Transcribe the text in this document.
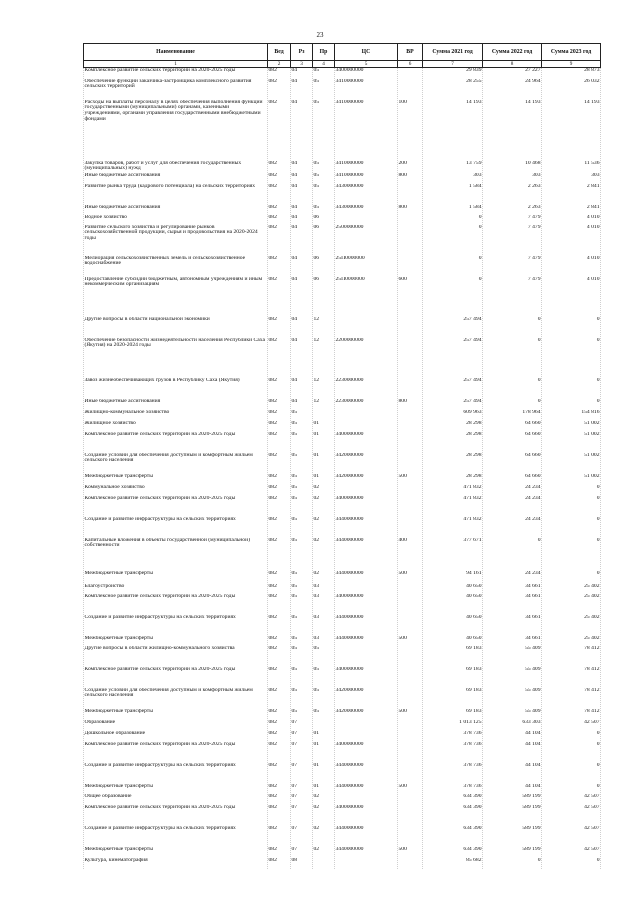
23
Наименование	Вед	Рз	Пр	ЦС	ВР	Сумма 2021 год	Сумма 2022 год	Сумма 2023 год
1	2	3	4	5	6	7	8	9
Комплексное развитие сельских территорий на 2020-2025 годы	082	04	05	3400000000		29 839	27 227	28 873
Обеспечение функций заказчика-застройщика комплексного развития сельских территорий	082	04	05	3410000000		28 255	24 964	26 032
Расходы на выплаты персоналу в целях обеспечения выполнения функций государственными (муниципальными) органами, казенными учреждениями, органами управления государственными внебюджетными фондами	082	04	05	3410000000	100	14 193	14 193	14 193
Закупка товаров, работ и услуг для обеспечения государственных (муниципальных) нужд	082	04	05	3410000000	200	13 759	10 468	11 536
Иные бюджетные ассигнования	082	04	05	3410000000	800	303	303	303
Развитие рынка труда (кадрового потенциала) на сельских территориях	082	04	05	3430000000		1 584	2 263	2 841
Иные бюджетные ассигнования	082	04	05	3430000000	800	1 584	2 263	2 841
Водное хозяйство	082	04	06			0	7 479	4 010
Развитие сельского хозяйства и регулирование рынков сельскохозяйственной продукции, сырья и продовольствия на 2020-2024 годы	082	04	06	2500000000		0	7 479	4 010
Мелиорация сельскохозяйственных земель и сельскохозяйственное водоснабжение	082	04	06	25П0000000		0	7 479	4 010
Предоставление субсидий бюджетным, автономным учреждениям и иным некоммерческим организациям	082	04	06	25П0000000	600	0	7 479	4 010
Другие вопросы в области национальной экономики	082	04	12			257 494	0	0
Обеспечение безопасности жизнедеятельности населения Республики Саха (Якутия) на 2020-2024 годы	082	04	12	2200000000		257 494	0	0
Завоз жизнеобеспечивающих грузов в Республику Саха (Якутия)	082	04	12	2230000000		257 494	0	0
Иные бюджетные ассигнования	082	04	12	2230000000	800	257 494	0	0
Жилищно-коммунальное хозяйство	082	05				609 963	178 964	154 816
Жилищное хозяйство	082	05	01			28 298	64 660	51 002
Комплексное развитие сельских территорий на 2020-2025 годы	082	05	01	3400000000		28 298	64 660	51 002
Создание условий для обеспечения доступным и комфортным жильем сельского населения	082	05	01	3420000000		28 298	64 660	51 002
Межбюджетные трансферты	082	05	01	3420000000	500	28 298	64 660	51 002
Коммунальное хозяйство	082	05	02			471 832	24 234	0
Комплексное развитие сельских территорий на 2020-2025 годы	082	05	02	3400000000		471 832	24 234	0
Создание и развитие инфраструктуры на сельских территориях	082	05	02	3440000000		471 832	24 234	0
Капитальные вложения в объекты государственной (муниципальной) собственности	082	05	02	3440000000	400	377 671	0	0
Межбюджетные трансферты	082	05	02	3440000000	500	94 161	24 234	0
Благоустройство	082	05	03			40 650	34 661	25 402
Комплексное развитие сельских территорий на 2020-2025 годы	082	05	03	3400000000		40 650	34 661	25 402
Создание и развитие инфраструктуры на сельских территориях	082	05	03	3440000000		40 650	34 661	25 402
Межбюджетные трансферты	082	05	03	3440000000	500	40 650	34 661	25 402
Другие вопросы в области жилищно-коммунального хозяйства	082	05	05			69 183	55 409	78 412
Комплексное развитие сельских территорий на 2020-2025 годы	082	05	05	3400000000		69 183	55 409	78 412
Создание условий для обеспечения доступным и комфортным жильем сельского населения	082	05	05	3420000000		69 183	55 409	78 412
Межбюджетные трансферты	082	05	05	3420000000	500	69 183	55 409	78 412
Образование	082	07				1 013 125	633 303	42 507
Дошкольное образование	082	07	01			378 736	44 104	0
Комплексное развитие сельских территорий на 2020-2025 годы	082	07	01	3400000000		378 736	44 104	0
Создание и развитие инфраструктуры на сельских территориях	082	07	01	3440000000		378 736	44 104	0
Межбюджетные трансферты	082	07	01	3440000000	500	378 736	44 104	0
Общее образование	082	07	02			634 390	589 199	42 507
Комплексное развитие сельских территорий на 2020-2025 годы	082	07	02	3400000000		634 390	589 199	42 507
Создание и развитие инфраструктуры на сельских территориях	082	07	02	3440000000		634 390	589 199	42 507
Межбюджетные трансферты	082	07	02	3440000000	500	634 390	589 199	42 507
Культура, кинематография	082	08				85 682	0	0
